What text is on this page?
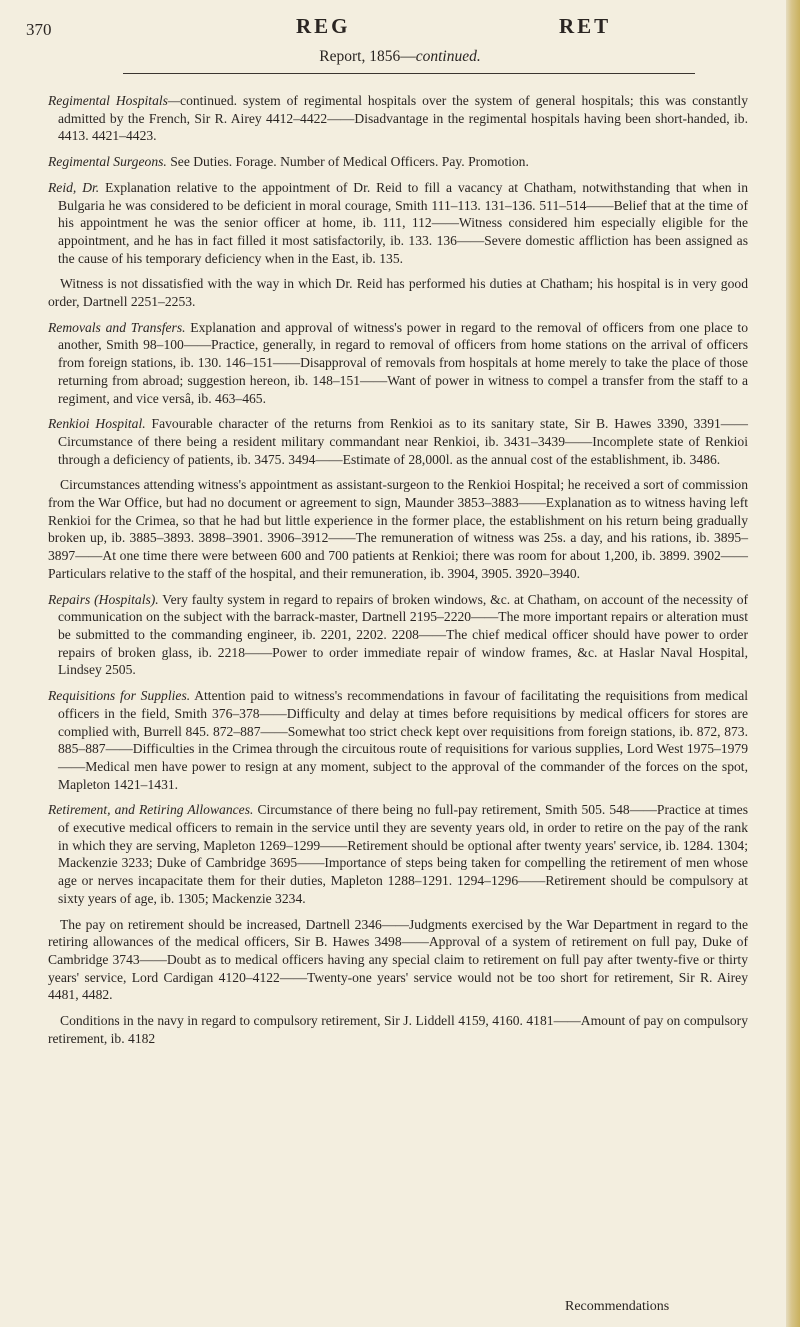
370	REG	RET
Report, 1856—continued.

Regimental Hospitals—continued. system of regimental hospitals over the system of general hospitals; this was constantly admitted by the French, Sir R. Airey 4412–4422——Disadvantage in the regimental hospitals having been short-handed, ib. 4413. 4421–4423.

Regimental Surgeons. See Duties. Forage. Number of Medical Officers. Pay. Promotion.

Reid, Dr. Explanation relative to the appointment of Dr. Reid to fill a vacancy at Chatham, notwithstanding that when in Bulgaria he was considered to be deficient in moral courage, Smith 111–113. 131–136. 511–514——Belief that at the time of his appointment he was the senior officer at home, ib. 111, 112——Witness considered him especially eligible for the appointment, and he has in fact filled it most satisfactorily, ib. 133. 136——Severe domestic affliction has been assigned as the cause of his temporary deficiency when in the East, ib. 135.

Witness is not dissatisfied with the way in which Dr. Reid has performed his duties at Chatham; his hospital is in very good order, Dartnell 2251–2253.

Removals and Transfers. Explanation and approval of witness's power in regard to the removal of officers from one place to another, Smith 98–100——Practice, generally, in regard to removal of officers from home stations on the arrival of officers from foreign stations, ib. 130. 146–151——Disapproval of removals from hospitals at home merely to take the place of those returning from abroad; suggestion hereon, ib. 148–151——Want of power in witness to compel a transfer from the staff to a regiment, and vice versâ, ib. 463–465.

Renkioi Hospital. Favourable character of the returns from Renkioi as to its sanitary state, Sir B. Hawes 3390, 3391——Circumstance of there being a resident military commandant near Renkioi, ib. 3431–3439——Incomplete state of Renkioi through a deficiency of patients, ib. 3475. 3494——Estimate of 28,000l. as the annual cost of the establishment, ib. 3486.

Circumstances attending witness's appointment as assistant-surgeon to the Renkioi Hospital; he received a sort of commission from the War Office, but had no document or agreement to sign, Maunder 3853–3883——Explanation as to witness having left Renkioi for the Crimea, so that he had but little experience in the former place, the establishment on his return being gradually broken up, ib. 3885–3893. 3898–3901. 3906–3912——The remuneration of witness was 25s. a day, and his rations, ib. 3895–3897——At one time there were between 600 and 700 patients at Renkioi; there was room for about 1,200, ib. 3899. 3902——Particulars relative to the staff of the hospital, and their remuneration, ib. 3904, 3905. 3920–3940.

Repairs (Hospitals). Very faulty system in regard to repairs of broken windows, &c. at Chatham, on account of the necessity of communication on the subject with the barrack-master, Dartnell 2195–2220——The more important repairs or alteration must be submitted to the commanding engineer, ib. 2201, 2202. 2208——The chief medical officer should have power to order repairs of broken glass, ib. 2218——Power to order immediate repair of window frames, &c. at Haslar Naval Hospital, Lindsey 2505.

Requisitions for Supplies. Attention paid to witness's recommendations in favour of facilitating the requisitions from medical officers in the field, Smith 376–378——Difficulty and delay at times before requisitions by medical officers for stores are complied with, Burrell 845. 872–887——Somewhat too strict check kept over requisitions from foreign stations, ib. 872, 873. 885–887——Difficulties in the Crimea through the circuitous route of requisitions for various supplies, Lord West 1975–1979——Medical men have power to resign at any moment, subject to the approval of the commander of the forces on the spot, Mapleton 1421–1431.

Retirement, and Retiring Allowances. Circumstance of there being no full-pay retirement, Smith 505. 548——Practice at times of executive medical officers to remain in the service until they are seventy years old, in order to retire on the pay of the rank in which they are serving, Mapleton 1269–1299——Retirement should be optional after twenty years' service, ib. 1284. 1304; Mackenzie 3233; Duke of Cambridge 3695——Importance of steps being taken for compelling the retirement of men whose age or nerves incapacitate them for their duties, Mapleton 1288–1291. 1294–1296——Retirement should be compulsory at sixty years of age, ib. 1305; Mackenzie 3234.

The pay on retirement should be increased, Dartnell 2346——Judgments exercised by the War Department in regard to the retiring allowances of the medical officers, Sir B. Hawes 3498——Approval of a system of retirement on full pay, Duke of Cambridge 3743——Doubt as to medical officers having any special claim to retirement on full pay after twenty-five or thirty years' service, Lord Cardigan 4120–4122——Twenty-one years' service would not be too short for retirement, Sir R. Airey 4481, 4482.

Conditions in the navy in regard to compulsory retirement, Sir J. Liddell 4159, 4160. 4181——Amount of pay on compulsory retirement, ib. 4182

Recommendations
